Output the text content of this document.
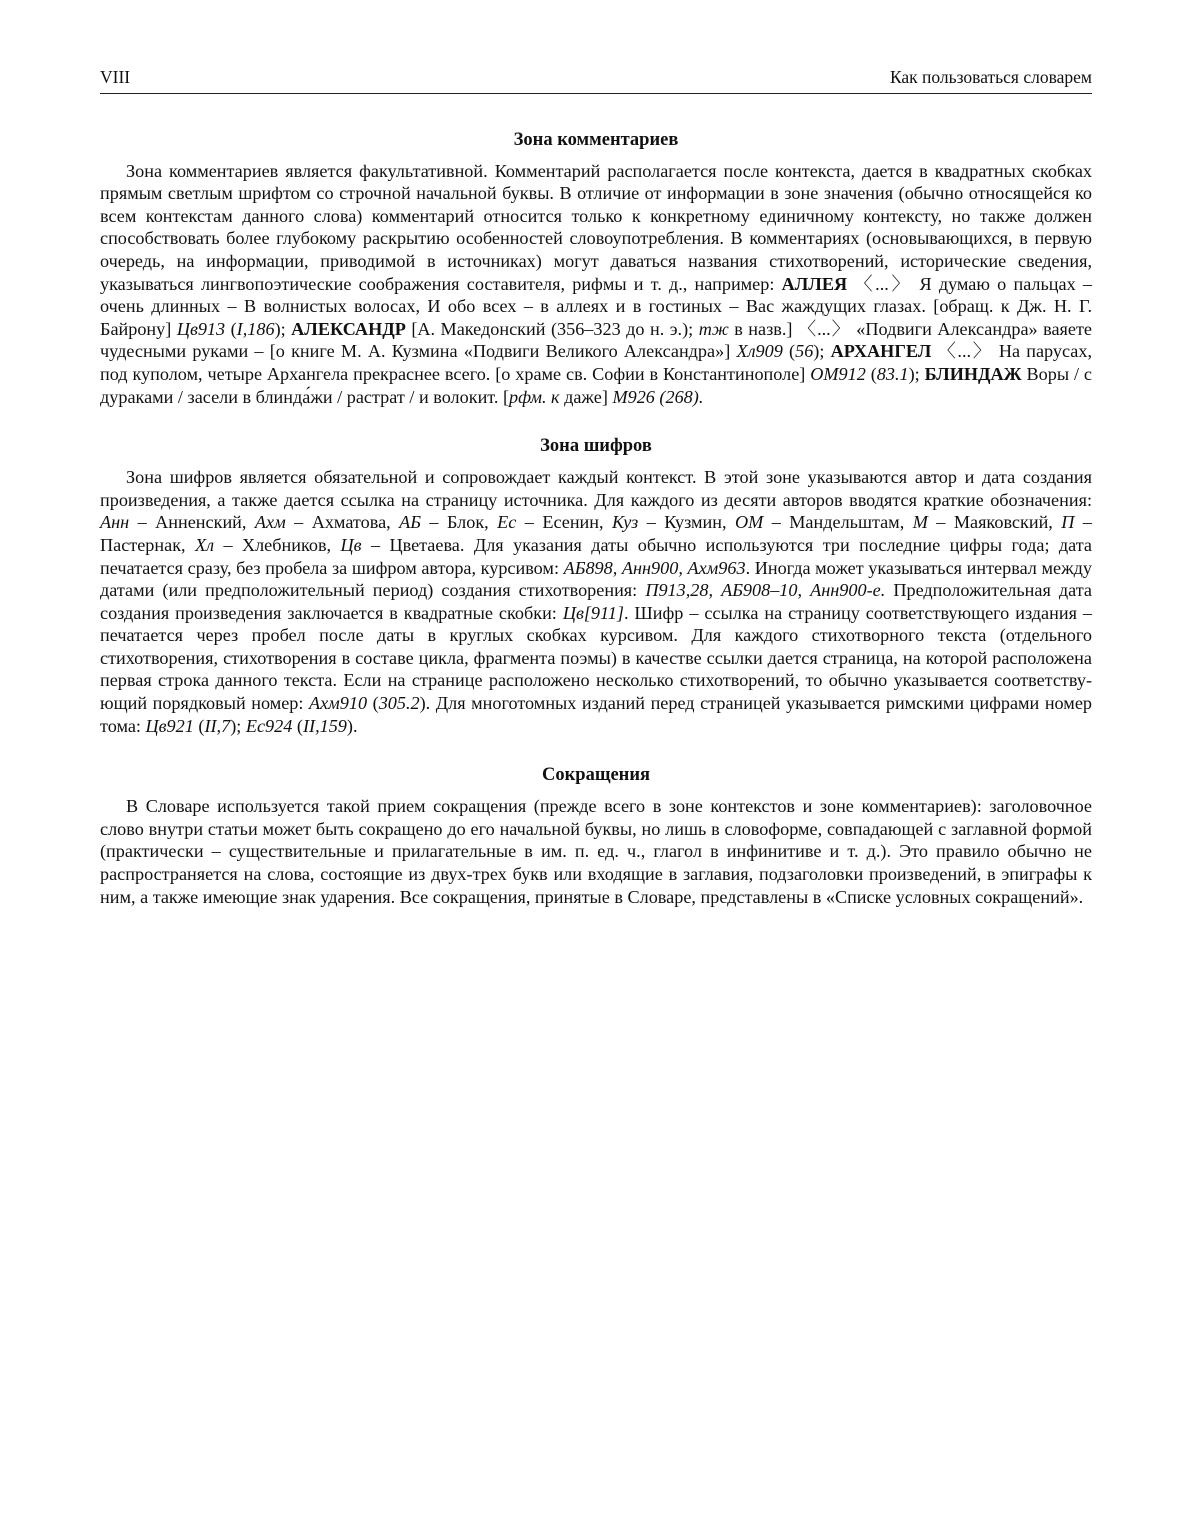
VIII	Как пользоваться словарем
Зона комментариев

Зона комментариев является факультативной. Комментарий располагается после контекста, дается в квадратных скобках прямым светлым шрифтом со строчной начальной буквы. В отличие от информации в зоне значения (обычно относящейся ко всем контекстам данного слова) комментарий относится только к конкретному единичному контексту, но также должен способствовать более глубокому раскрытию особенностей словоупотребления. В комментариях (основывающихся, в первую очередь, на информации, приводимой в источниках) могут даваться названия стихотворений, исторические сведения, указываться лингвопоэтические соображения составителя, рифмы и т. д., например: АЛЛЕЯ 〈...〉 Я думаю о пальцах – очень длинных – В волнистых волосах, И обо всех – в аллеях и в гостиных – Вас жаждущих глазах. [обращ. к Дж. Н. Г. Байрону] Цв913 (I,186); АЛЕКСАНДР [А. Македонский (356–323 до н. э.); тж в назв.] 〈...〉 «Подвиги Александра» ваяете чудесными руками – [о книге М. А. Кузмина «Подвиги Великого Александра»] Хл909 (56); АРХАНГЕЛ 〈...〉 На парусах, под куполом, четыре Архангела прекраснее всего. [о храме св. Софии в Константинополе] ОМ912 (83.1); БЛИНДАЖ Воры / с дураками / засели в блинда́жи / растрат / и волокит. [рфм. к даже] М926 (268).

Зона шифров

Зона шифров является обязательной и сопровождает каждый контекст. В этой зоне указываются автор и дата создания произведения, а также дается ссылка на страницу источника. Для каждого из десяти авторов вводятся краткие обозначения: Анн – Анненский, Ахм – Ахматова, АБ – Блок, Ес – Есенин, Куз – Кузмин, ОМ – Мандельштам, М – Маяковский, П – Пастернак, Хл – Хлебников, Цв – Цветаева. Для указания даты обычно используются три последние цифры года; дата печатается сразу, без пробела за шифром автора, курсивом: АБ898, Анн900, Ахм963. Иногда может указываться интервал между датами (или предположительный период) создания стихотворения: П913,28, АБ908–10, Анн900-е. Предположительная дата создания произведения заключается в квадратные скобки: Цв[911]. Шифр – ссылка на страницу соответствующего издания – печатается через пробел после даты в круглых скобках курсивом. Для каждого стихотворного текста (отдельного стихотворения, стихотворения в составе цикла, фрагмента поэмы) в качестве ссылки дается страница, на которой расположена первая строка данного текста. Если на странице расположено несколько стихотворений, то обычно указывается соответствующий порядковый номер: Ахм910 (305.2). Для многотомных изданий перед страницей указывается римскими цифрами номер тома: Цв921 (II,7); Ес924 (II,159).

Сокращения

В Словаре используется такой прием сокращения (прежде всего в зоне контекстов и зоне комментариев): заголовочное слово внутри статьи может быть сокращено до его начальной буквы, но лишь в словоформе, совпадающей с заглавной формой (практически – существительные и прилагательные в им. п. ед. ч., глагол в инфинитиве и т. д.). Это правило обычно не распространяется на слова, состоящие из двух-трех букв или входящие в заглавия, подзаголовки произведений, в эпиграфы к ним, а также имеющие знак ударения. Все сокращения, принятые в Словаре, представлены в «Списке условных сокращений».
